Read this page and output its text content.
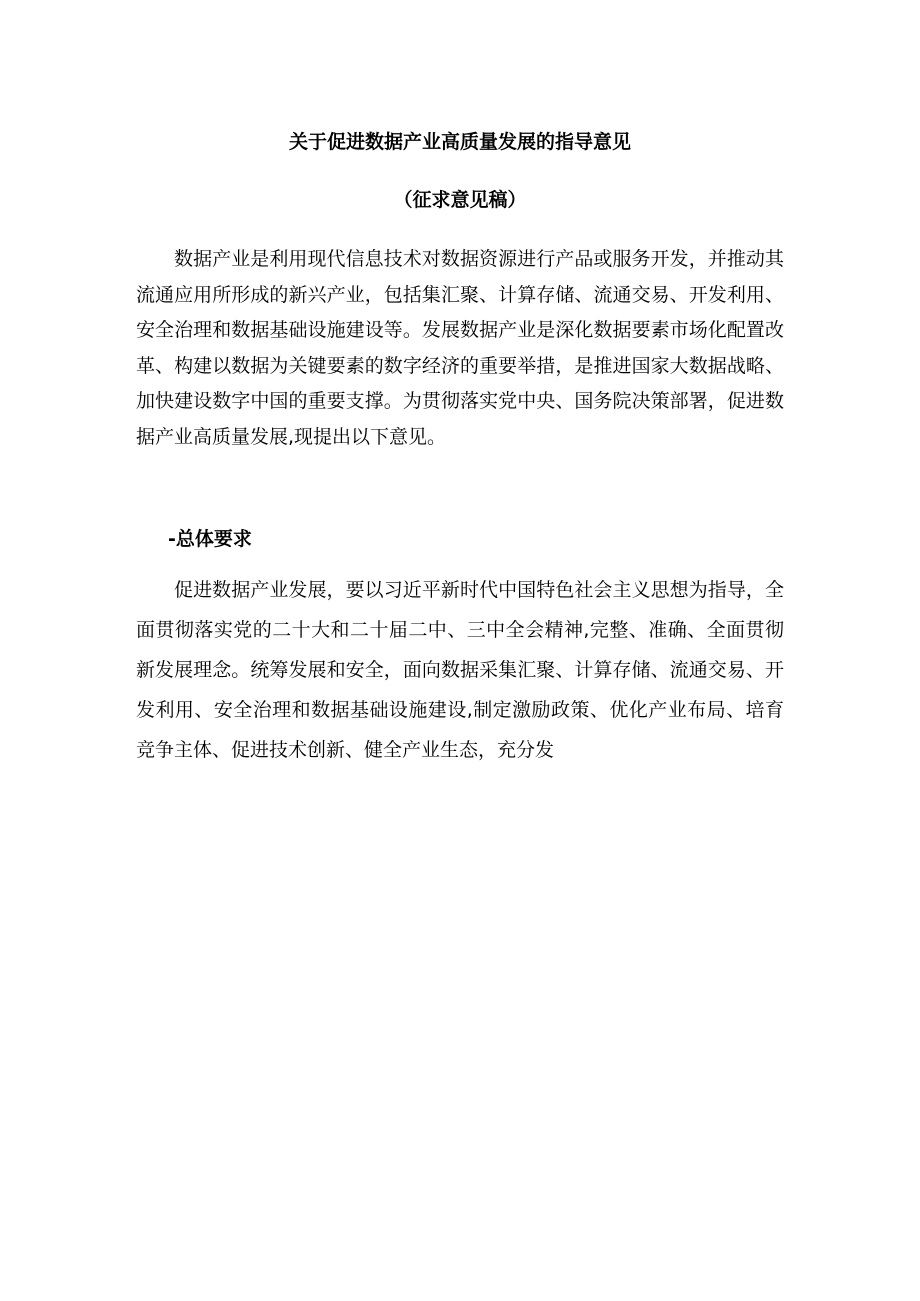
关于促进数据产业高质量发展的指导意见
（征求意见稿）

数据产业是利用现代信息技术对数据资源进行产品或服务开发，并推动其流通应用所形成的新兴产业，包括集汇聚、计算存储、流通交易、开发利用、安全治理和数据基础设施建设等。发展数据产业是深化数据要素市场化配置改革、构建以数据为关键要素的数字经济的重要举措，是推进国家大数据战略、加快建设数字中国的重要支撑。为贯彻落实党中央、国务院决策部署，促进数据产业高质量发展,现提出以下意见。

-总体要求

促进数据产业发展，要以习近平新时代中国特色社会主义思想为指导，全面贯彻落实党的二十大和二十届二中、三中全会精神,完整、准确、全面贯彻新发展理念。统筹发展和安全，面向数据采集汇聚、计算存储、流通交易、开发利用、安全治理和数据基础设施建设,制定激励政策、优化产业布局、培育竞争主体、促进技术创新、健全产业生态，充分发
